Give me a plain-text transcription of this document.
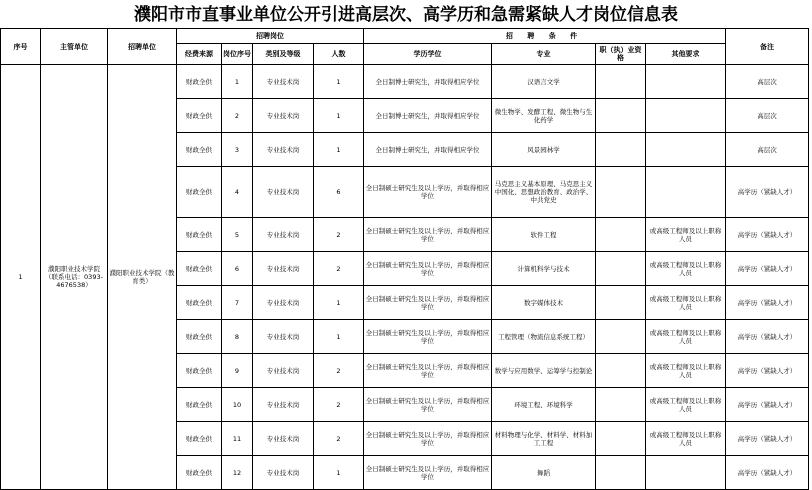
濮阳市市直事业单位公开引进高层次、高学历和急需紧缺人才岗位信息表
序号	主管单位	招聘单位	招聘岗位				招 聘 条 件				备注
			经费来源	岗位序号	类别及等级	人数	学历学位	专业	职（执）业资格	其他要求	
1	濮阳职业技术学院（联系电话：0393-4676538）	濮阳职业技术学院（教育类）	财政全供	1	专业技术岗	1	全日制博士研究生，并取得相应学位	汉语言文学			高层次
			财政全供	2	专业技术岗	1	全日制博士研究生，并取得相应学位	微生物学、发酵工程、微生物与生化药学			高层次
			财政全供	3	专业技术岗	1	全日制博士研究生，并取得相应学位	风景园林学			高层次
			财政全供	4	专业技术岗	6	全日制硕士研究生及以上学历，并取得相应学位	马克思主义基本原理、马克思主义中国化、思想政治教育、政治学、中共党史			高学历（紧缺人才）
			财政全供	5	专业技术岗	2	全日制硕士研究生及以上学历，并取得相应学位	软件工程		或高级工程师及以上职称人员	高学历（紧缺人才）
			财政全供	6	专业技术岗	2	全日制硕士研究生及以上学历，并取得相应学位	计算机科学与技术		或高级工程师及以上职称人员	高学历（紧缺人才）
			财政全供	7	专业技术岗	1	全日制硕士研究生及以上学历，并取得相应学位	数字媒体技术		或高级工程师及以上职称人员	高学历（紧缺人才）
			财政全供	8	专业技术岗	1	全日制硕士研究生及以上学历，并取得相应学位	工程管理（物流信息系统工程）		或高级工程师及以上职称人员	高学历（紧缺人才）
			财政全供	9	专业技术岗	2	全日制硕士研究生及以上学历，并取得相应学位	数学与应用数学、运筹学与控制论		或高级工程师及以上职称人员	高学历（紧缺人才）
			财政全供	10	专业技术岗	2	全日制硕士研究生及以上学历，并取得相应学位	环境工程、环境科学		或高级工程师及以上职称人员	高学历（紧缺人才）
			财政全供	11	专业技术岗	2	全日制硕士研究生及以上学历，并取得相应学位	材料物理与化学、材料学、材料加工工程		或高级工程师及以上职称人员	高学历（紧缺人才）
			财政全供	12	专业技术岗	1	全日制硕士研究生及以上学历，并取得相应学位	舞蹈			高学历（紧缺人才）
